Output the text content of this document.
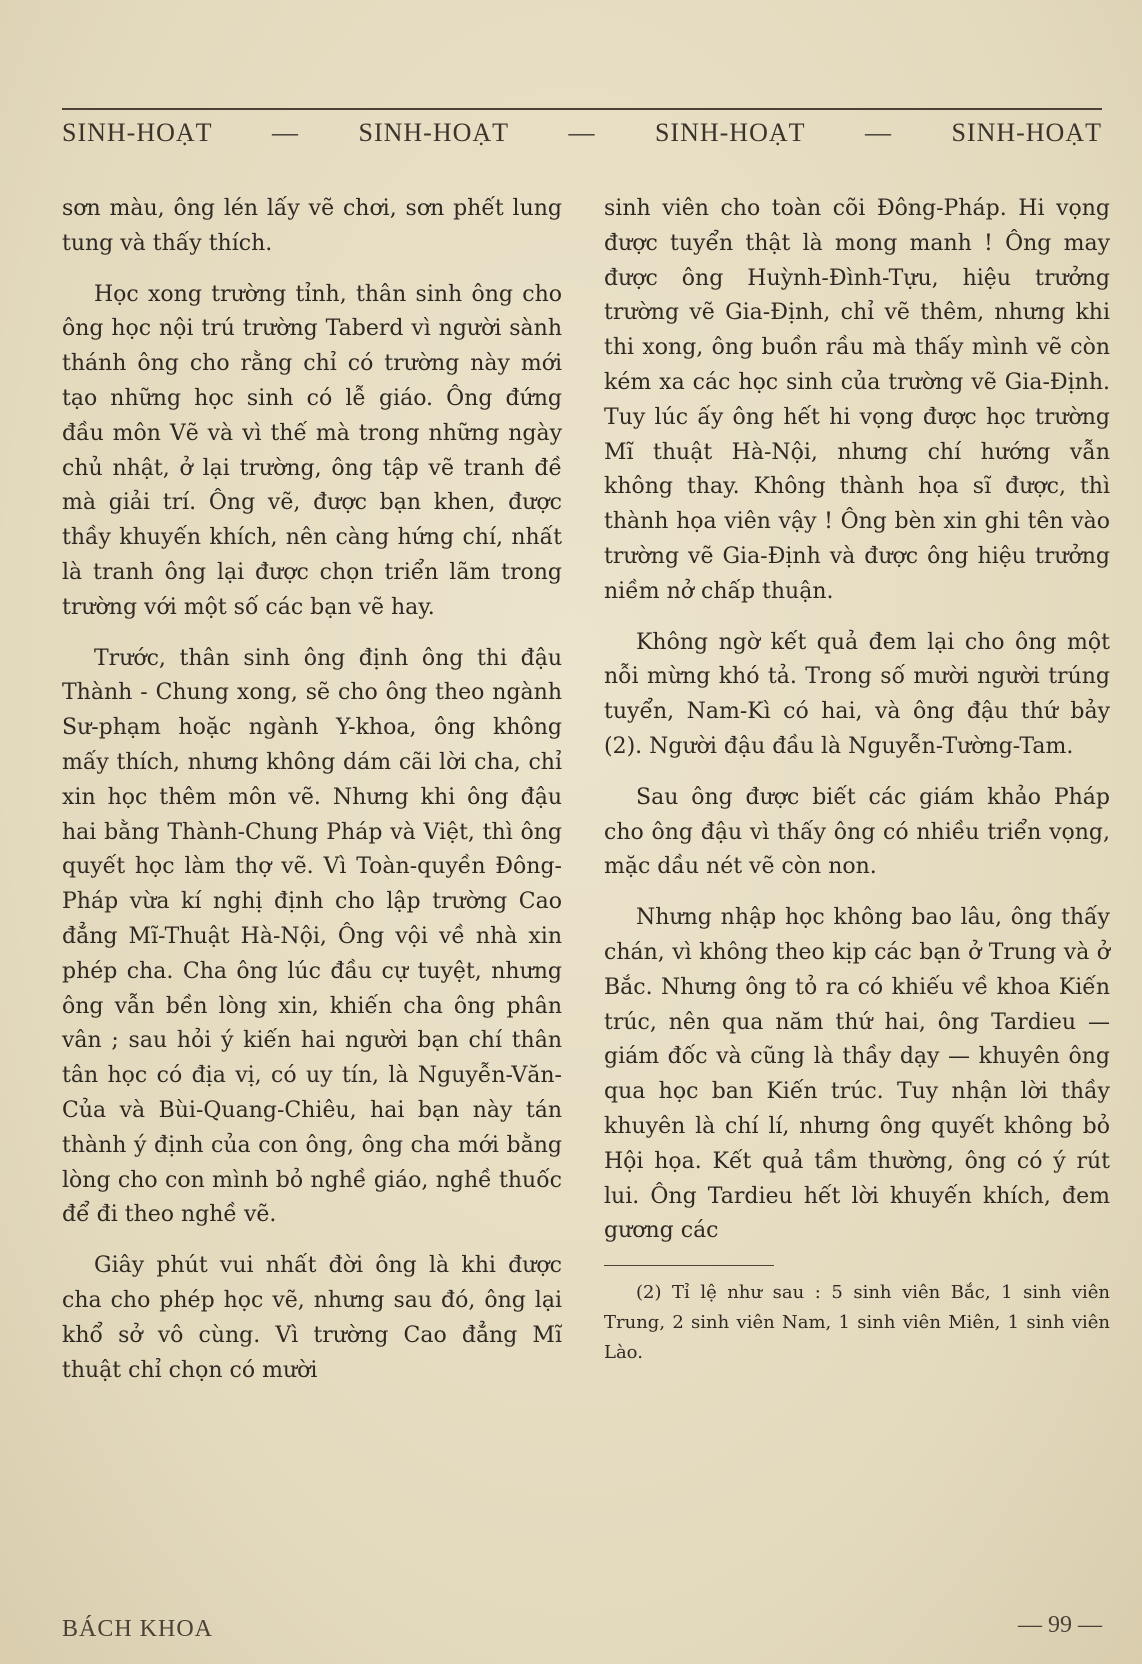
SINH-HOẠT — SINH-HOẠT — SINH-HOẠT — SINH-HOẠT

sơn màu, ông lén lấy vẽ chơi, sơn phết lung tung và thấy thích.

Học xong trường tỉnh, thân sinh ông cho ông học nội trú trường Taberd vì người sành thánh ông cho rằng chỉ có trường này mới tạo những học sinh có lễ giáo. Ông đứng đầu môn Vẽ và vì thế mà trong những ngày chủ nhật, ở lại trường, ông tập vẽ tranh đề mà giải trí. Ông vẽ, được bạn khen, được thầy khuyến khích, nên càng hứng chí, nhất là tranh ông lại được chọn triển lãm trong trường với một số các bạn vẽ hay.

Trước, thân sinh ông định ông thi đậu Thành - Chung xong, sẽ cho ông theo ngành Sư-phạm hoặc ngành Y-khoa, ông không mấy thích, nhưng không dám cãi lời cha, chỉ xin học thêm môn vẽ. Nhưng khi ông đậu hai bằng Thành-Chung Pháp và Việt, thì ông quyết học làm thợ vẽ. Vì Toàn-quyền Đông-Pháp vừa kí nghị định cho lập trường Cao đẳng Mĩ-Thuật Hà-Nội, Ông vội về nhà xin phép cha. Cha ông lúc đầu cự tuyệt, nhưng ông vẫn bền lòng xin, khiến cha ông phân vân ; sau hỏi ý kiến hai người bạn chí thân tân học có địa vị, có uy tín, là Nguyễn-Văn-Của và Bùi-Quang-Chiêu, hai bạn này tán thành ý định của con ông, ông cha mới bằng lòng cho con mình bỏ nghề giáo, nghề thuốc để đi theo nghề vẽ.

Giây phút vui nhất đời ông là khi được cha cho phép học vẽ, nhưng sau đó, ông lại khổ sở vô cùng. Vì trường Cao đẳng Mĩ thuật chỉ chọn có mười

sinh viên cho toàn cõi Đông-Pháp. Hi vọng được tuyển thật là mong manh ! Ông may được ông Huỳnh-Đình-Tựu, hiệu trưởng trường vẽ Gia-Định, chỉ vẽ thêm, nhưng khi thi xong, ông buồn rầu mà thấy mình vẽ còn kém xa các học sinh của trường vẽ Gia-Định. Tuy lúc ấy ông hết hi vọng được học trường Mĩ thuật Hà-Nội, nhưng chí hướng vẫn không thay. Không thành họa sĩ được, thì thành họa viên vậy ! Ông bèn xin ghi tên vào trường vẽ Gia-Định và được ông hiệu trưởng niềm nở chấp thuận.

Không ngờ kết quả đem lại cho ông một nỗi mừng khó tả. Trong số mười người trúng tuyển, Nam-Kì có hai, và ông đậu thứ bảy (2). Người đậu đầu là Nguyễn-Tường-Tam.

Sau ông được biết các giám khảo Pháp cho ông đậu vì thấy ông có nhiều triển vọng, mặc dầu nét vẽ còn non.

Nhưng nhập học không bao lâu, ông thấy chán, vì không theo kịp các bạn ở Trung và ở Bắc. Nhưng ông tỏ ra có khiếu về khoa Kiến trúc, nên qua năm thứ hai, ông Tardieu — giám đốc và cũng là thầy dạy — khuyên ông qua học ban Kiến trúc. Tuy nhận lời thầy khuyên là chí lí, nhưng ông quyết không bỏ Hội họa. Kết quả tầm thường, ông có ý rút lui. Ông Tardieu hết lời khuyến khích, đem gương các

(2) Tỉ lệ như sau : 5 sinh viên Bắc, 1 sinh viên Trung, 2 sinh viên Nam, 1 sinh viên Miên, 1 sinh viên Lào.

BÁCH KHOA	— 99 —
